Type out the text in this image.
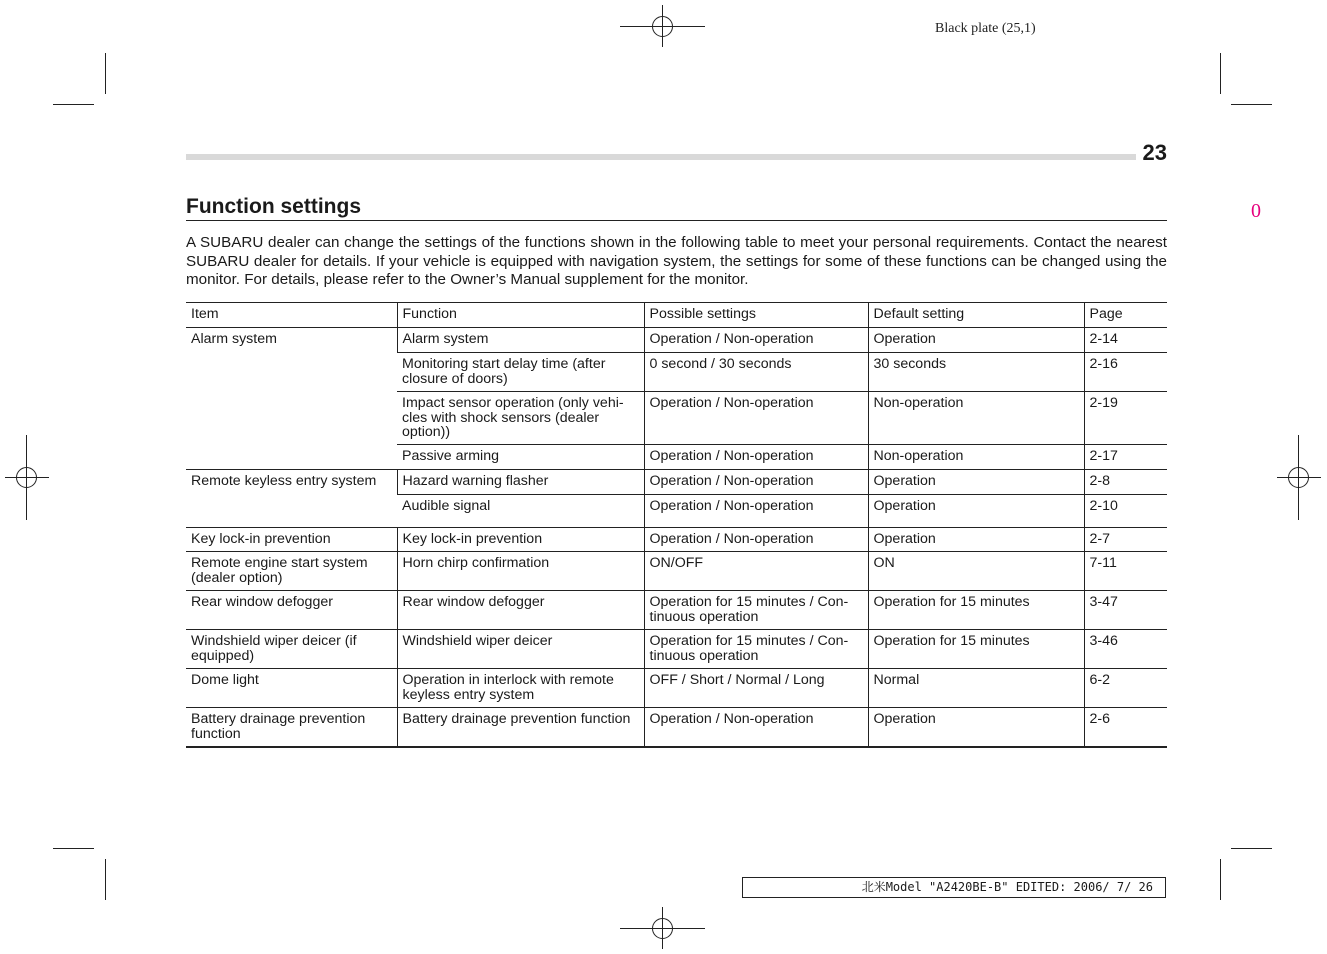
Black plate (25,1)
23
0
Function settings
A SUBARU dealer can change the settings of the functions shown in the following table to meet your personal requirements. Contact the nearest SUBARU dealer for details. If your vehicle is equipped with navigation system, the settings for some of these functions can be changed using the monitor. For details, please refer to the Owner’s Manual supplement for the monitor.
Item	Function	Possible settings	Default setting	Page
Alarm system	Alarm system	Operation / Non-operation	Operation	2-14
	Monitoring start delay time (after closure of doors)	0 second / 30 seconds	30 seconds	2-16
	Impact sensor operation (only vehi- cles with shock sensors (dealer option))	Operation / Non-operation	Non-operation	2-19
	Passive arming	Operation / Non-operation	Non-operation	2-17
Remote keyless entry system	Hazard warning flasher	Operation / Non-operation	Operation	2-8
	Audible signal	Operation / Non-operation	Operation	2-10
Key lock-in prevention	Key lock-in prevention	Operation / Non-operation	Operation	2-7
Remote engine start system (dealer option)	Horn chirp confirmation	ON/OFF	ON	7-11
Rear window defogger	Rear window defogger	Operation for 15 minutes / Con- tinuous operation	Operation for 15 minutes	3-47
Windshield wiper deicer (if equipped)	Windshield wiper deicer	Operation for 15 minutes / Con- tinuous operation	Operation for 15 minutes	3-46
Dome light	Operation in interlock with remote keyless entry system	OFF / Short / Normal / Long	Normal	6-2
Battery drainage prevention function	Battery drainage prevention function	Operation / Non-operation	Operation	2-6
北米Model "A2420BE-B" EDITED: 2006/ 7/ 26
